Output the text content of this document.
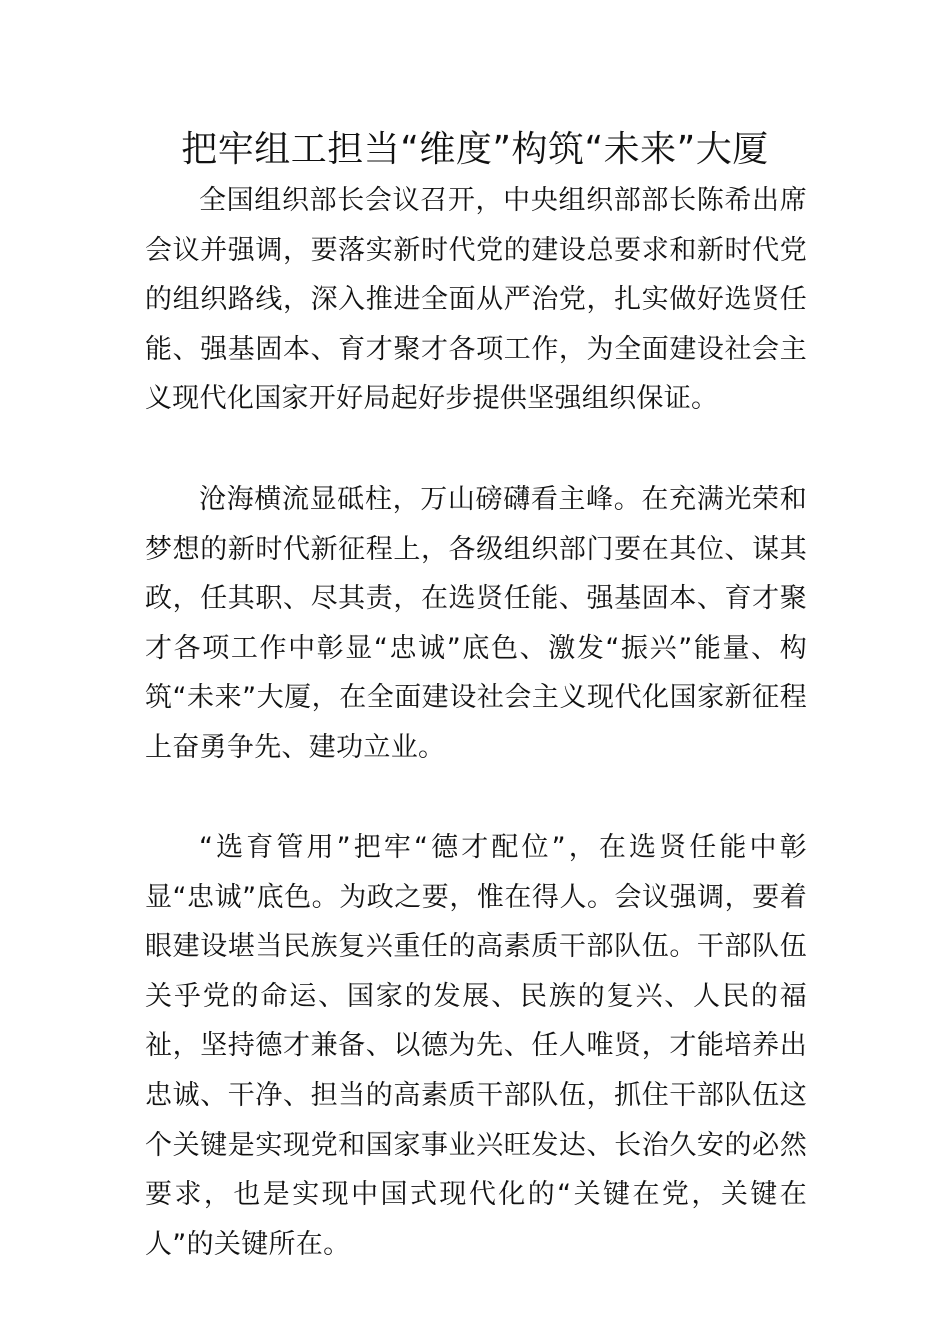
把牢组工担当“维度”构筑“未来”大厦

全国组织部长会议召开，中央组织部部长陈希出席会议并强调，要落实新时代党的建设总要求和新时代党的组织路线，深入推进全面从严治党，扎实做好选贤任能、强基固本、育才聚才各项工作，为全面建设社会主义现代化国家开好局起好步提供坚强组织保证。

沧海横流显砥柱，万山磅礴看主峰。在充满光荣和梦想的新时代新征程上，各级组织部门要在其位、谋其政，任其职、尽其责，在选贤任能、强基固本、育才聚才各项工作中彰显“忠诚”底色、激发“振兴”能量、构筑“未来”大厦，在全面建设社会主义现代化国家新征程上奋勇争先、建功立业。

“选育管用”把牢“德才配位”，在选贤任能中彰显“忠诚”底色。为政之要，惟在得人。会议强调，要着眼建设堪当民族复兴重任的高素质干部队伍。干部队伍关乎党的命运、国家的发展、民族的复兴、人民的福祉，坚持德才兼备、以德为先、任人唯贤，才能培养出忠诚、干净、担当的高素质干部队伍，抓住干部队伍这个关键是实现党和国家事业兴旺发达、长治久安的必然要求，也是实现中国式现代化的“关键在党，关键在人”的关键所在。
